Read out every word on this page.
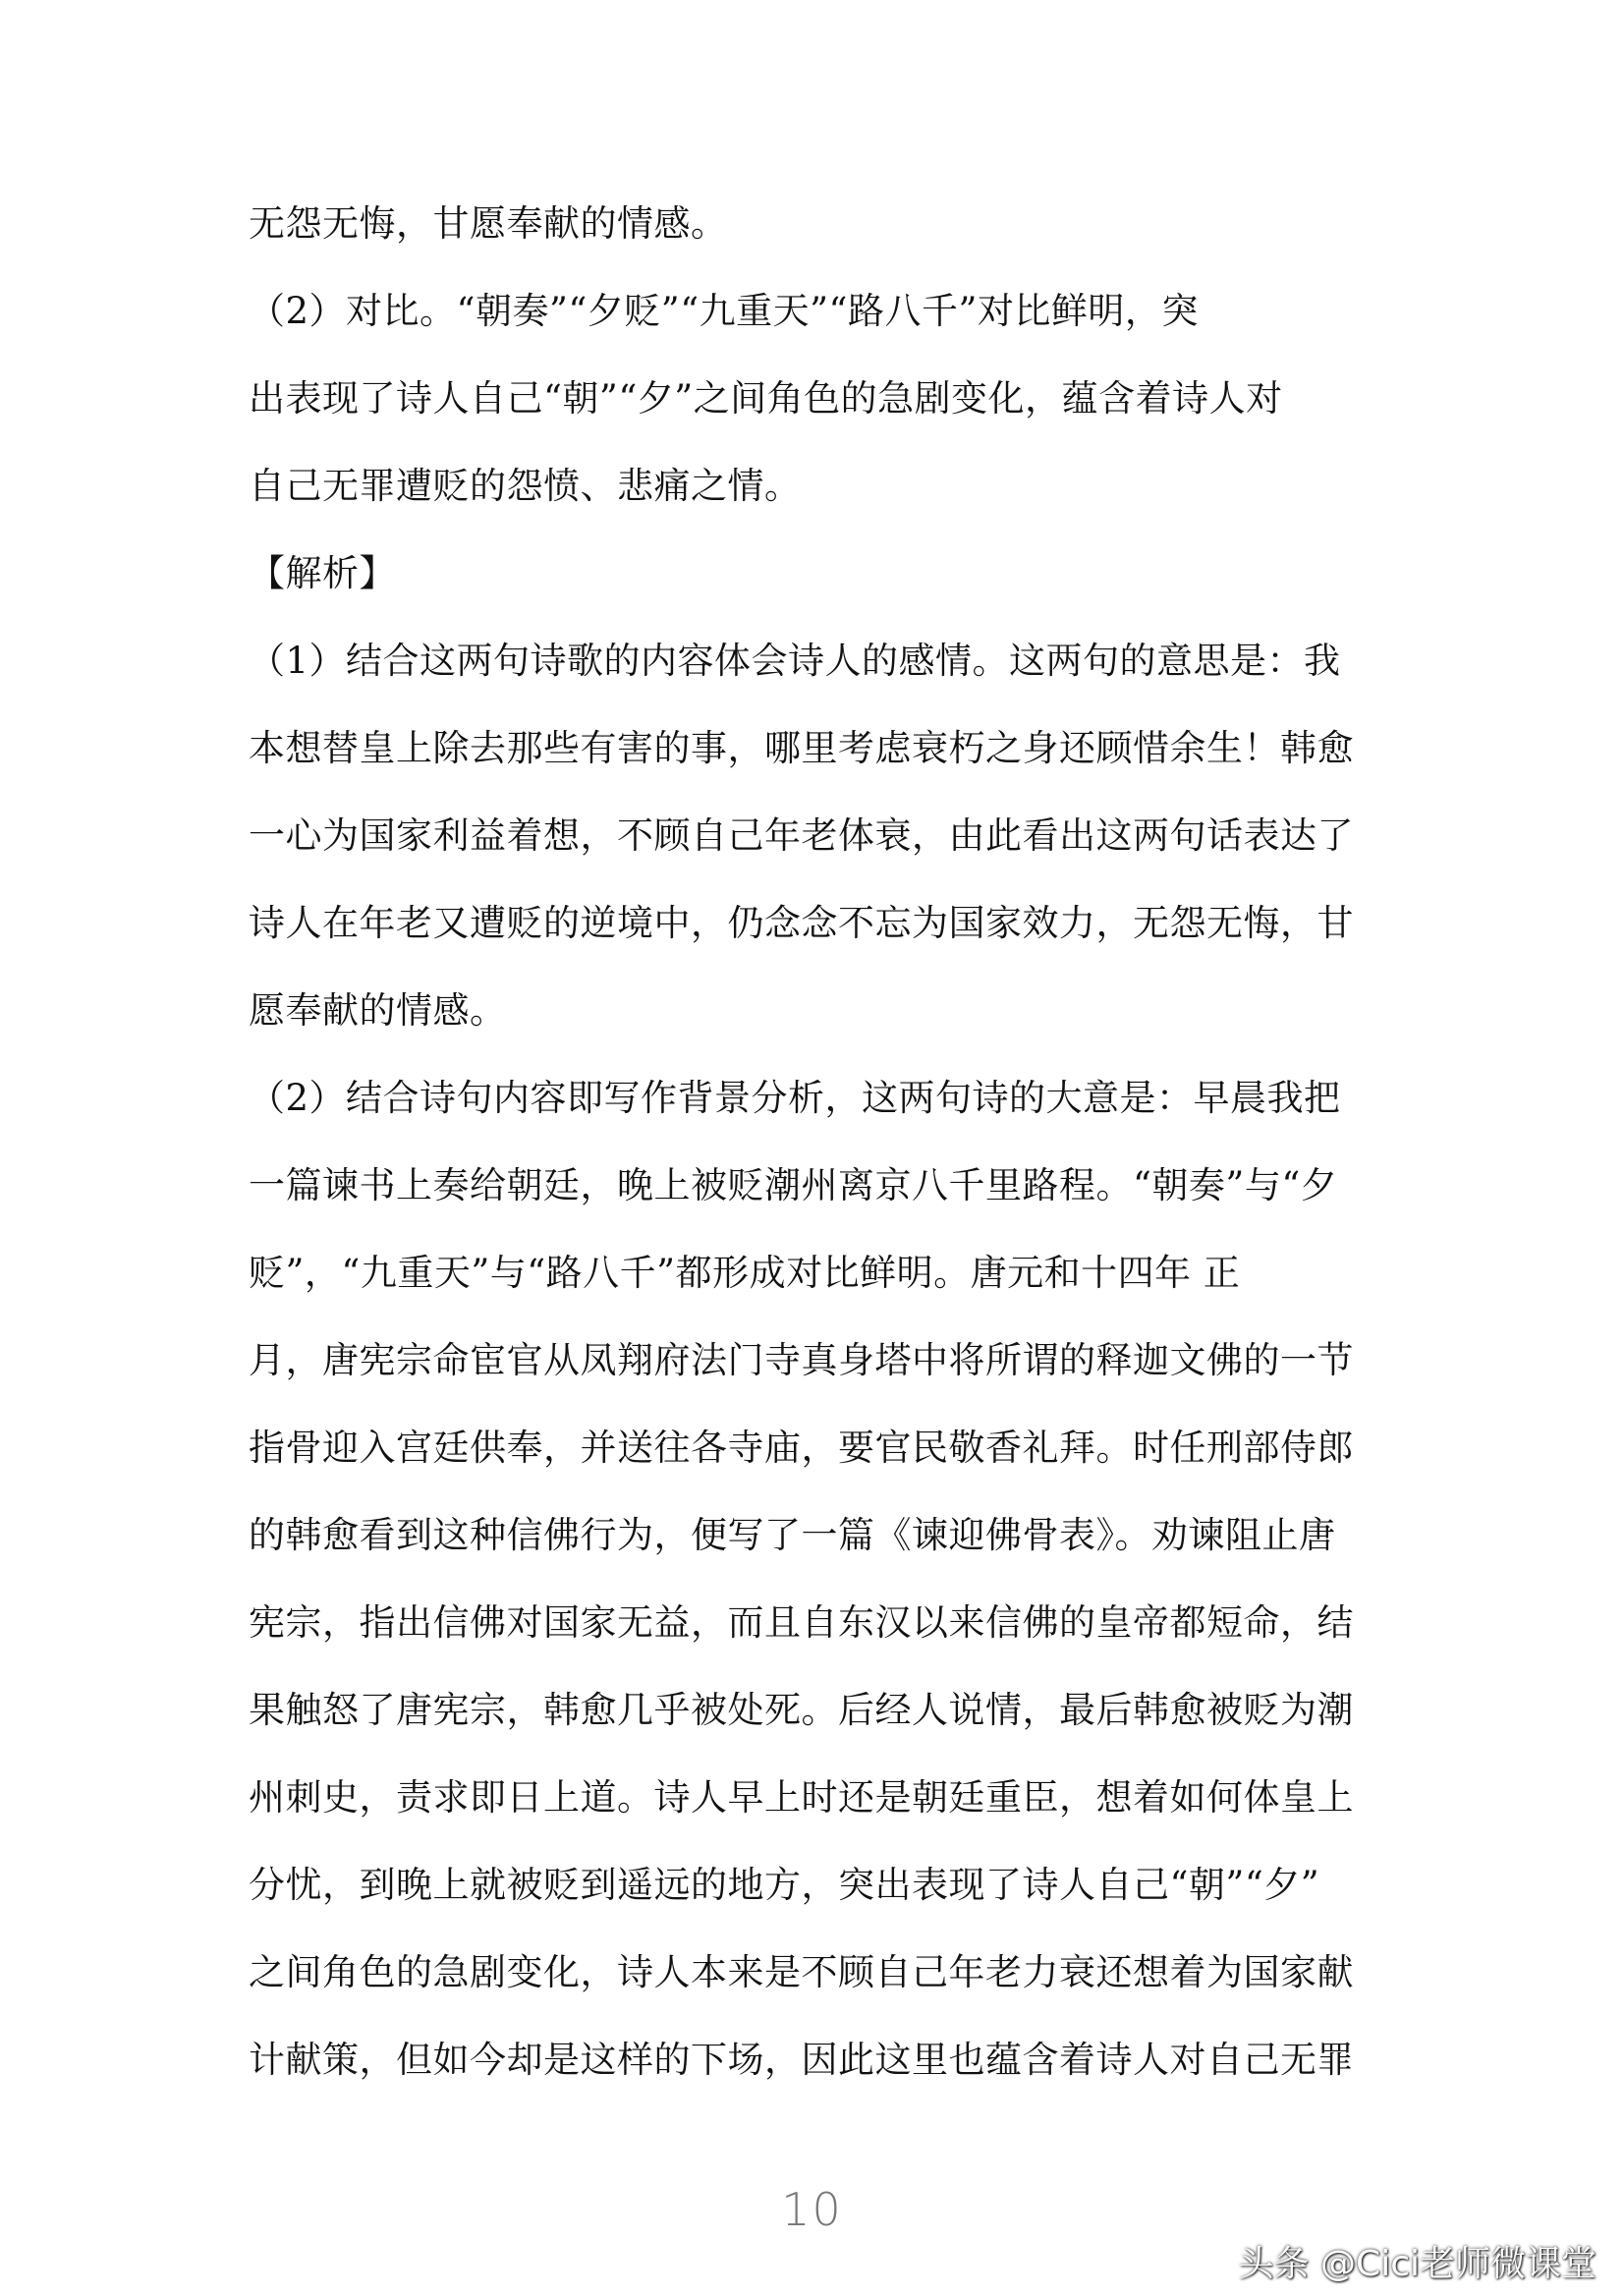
无怨无悔，甘愿奉献的情感。
（2）对比。“朝奏”“夕贬”“九重天”“路八千”对比鲜明，突
出表现了诗人自己“朝”“夕”之间角色的急剧变化，蕴含着诗人对
自己无罪遭贬的怨愤、悲痛之情。
【解析】
（1）结合这两句诗歌的内容体会诗人的感情。这两句的意思是：我
本想替皇上除去那些有害的事，哪里考虑衰朽之身还顾惜余生！韩愈
一心为国家利益着想，不顾自己年老体衰，由此看出这两句话表达了
诗人在年老又遭贬的逆境中，仍念念不忘为国家效力，无怨无悔，甘
愿奉献的情感。
（2）结合诗句内容即写作背景分析，这两句诗的大意是：早晨我把
一篇谏书上奏给朝廷，晚上被贬潮州离京八千里路程。“朝奏”与“夕
贬”，“九重天”与“路八千”都形成对比鲜明。唐元和十四年 正
月，唐宪宗命宦官从凤翔府法门寺真身塔中将所谓的释迦文佛的一节
指骨迎入宫廷供奉，并送往各寺庙，要官民敬香礼拜。时任刑部侍郎
的韩愈看到这种信佛行为，便写了一篇《谏迎佛骨表》。劝谏阻止唐
宪宗，指出信佛对国家无益，而且自东汉以来信佛的皇帝都短命，结
果触怒了唐宪宗，韩愈几乎被处死。后经人说情，最后韩愈被贬为潮
州刺史，责求即日上道。诗人早上时还是朝廷重臣，想着如何体皇上
分忧，到晚上就被贬到遥远的地方，突出表现了诗人自己“朝”“夕”
之间角色的急剧变化，诗人本来是不顾自己年老力衰还想着为国家献
计献策，但如今却是这样的下场，因此这里也蕴含着诗人对自己无罪
10
头条 @Cici老师微课堂
